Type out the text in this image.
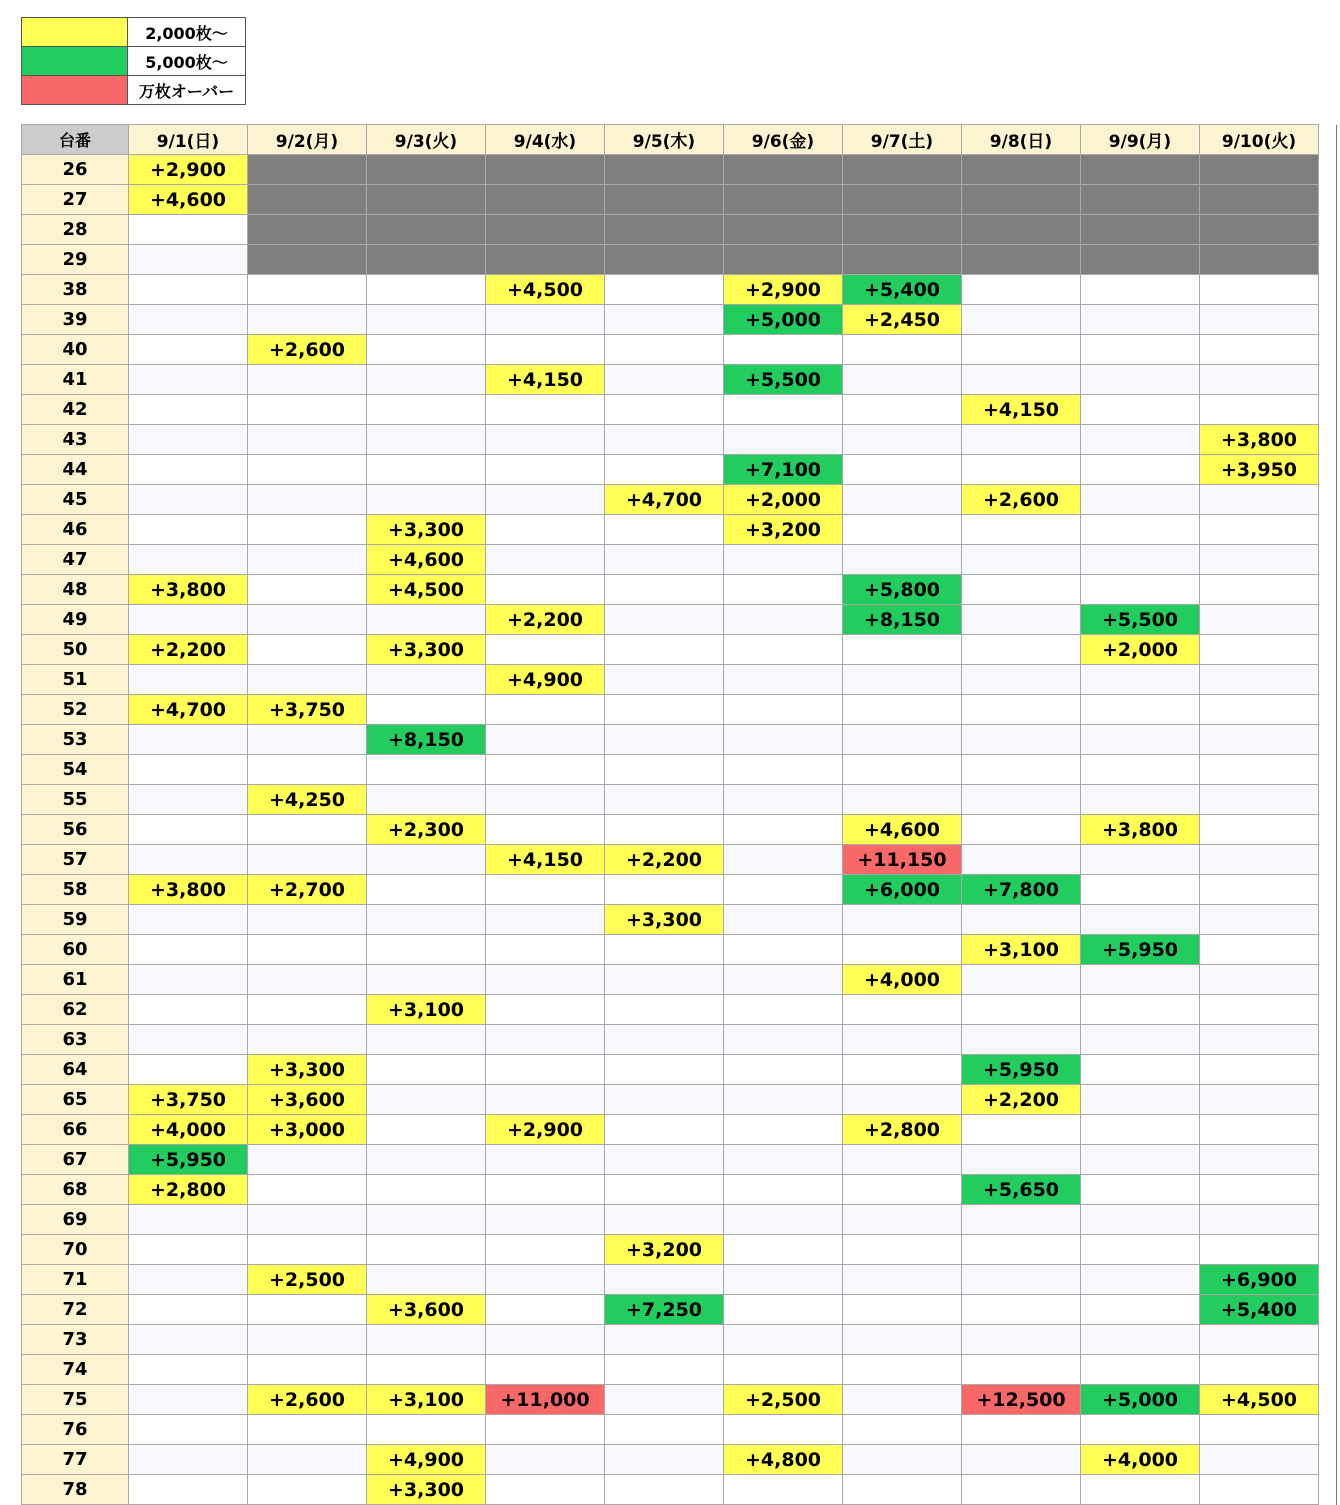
	2,000枚～
	5,000枚～
	万枚オーバー
台番	9/1(日)	9/2(月)	9/3(火)	9/4(水)	9/5(木)	9/6(金)	9/7(土)	9/8(日)	9/9(月)	9/10(火)
26	+2,900									
27	+4,600									
28										
29										
38				+4,500		+2,900	+5,400			
39						+5,000	+2,450			
40		+2,600								
41				+4,150		+5,500				
42								+4,150		
43										+3,800
44						+7,100				+3,950
45					+4,700	+2,000		+2,600		
46			+3,300			+3,200				
47			+4,600							
48	+3,800		+4,500				+5,800			
49				+2,200			+8,150		+5,500	
50	+2,200		+3,300						+2,000	
51				+4,900						
52	+4,700	+3,750								
53			+8,150							
54										
55		+4,250								
56			+2,300				+4,600		+3,800	
57				+4,150	+2,200		+11,150			
58	+3,800	+2,700					+6,000	+7,800		
59					+3,300					
60								+3,100	+5,950	
61							+4,000			
62			+3,100							
63										
64		+3,300						+5,950		
65	+3,750	+3,600						+2,200		
66	+4,000	+3,000		+2,900			+2,800			
67	+5,950									
68	+2,800							+5,650		
69										
70					+3,200					
71		+2,500								+6,900
72			+3,600		+7,250					+5,400
73										
74										
75		+2,600	+3,100	+11,000		+2,500		+12,500	+5,000	+4,500
76										
77			+4,900			+4,800			+4,000	
78			+3,300							
